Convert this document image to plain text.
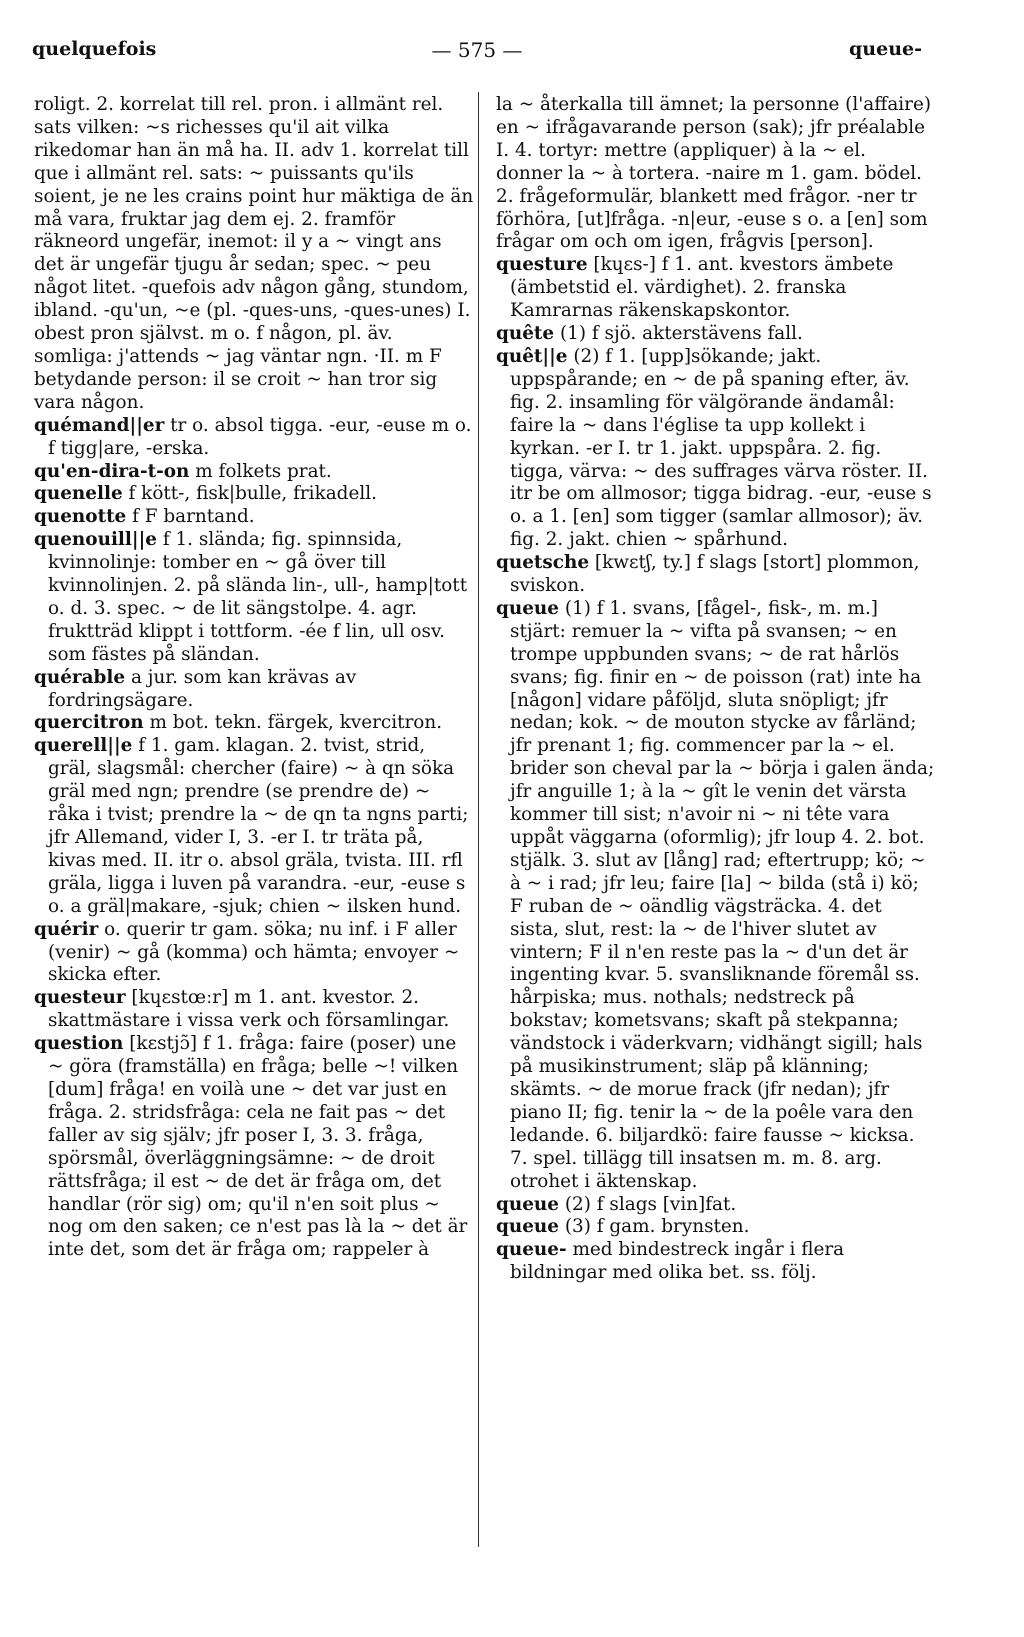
quelquefois	— 575 —	queue-

roligt. 2. korrelat till rel. pron. i allmänt rel. sats vilken: ~s richesses qu'il ait vilka rikedomar han än må ha. II. adv 1. korrelat till que i allmänt rel. sats: ~ puissants qu'ils soient, je ne les crains point hur mäktiga de än må vara, fruktar jag dem ej. 2. framför räkneord ungefär, inemot: il y a ~ vingt ans det är ungefär tjugu år sedan; spec. ~ peu något litet. -quefois adv någon gång, stundom, ibland. -qu'un, ~e (pl. -ques-uns, -ques-unes) I. obest pron självst. m o. f någon, pl. äv. somliga: j'attends ~ jag väntar ngn. ·II. m F betydande person: il se croit ~ han tror sig vara någon.

quémand||er tr o. absol tigga. -eur, -euse m o. f tigg|are, -erska.

qu'en-dira-t-on m folkets prat.

quenelle f kött-, fisk|bulle, frikadell.

quenotte f F barntand.

quenouill||e f 1. slända; fig. spinnsida, kvinnolinje: tomber en ~ gå över till kvinnolinjen. 2. på slända lin-, ull-, hamp|tott o. d. 3. spec. ~ de lit sängstolpe. 4. agr. fruktträd klippt i tottform. -ée f lin, ull osv. som fästes på sländan.

quérable a jur. som kan krävas av fordringsägare.

quercitron m bot. tekn. färgek, kvercitron.

querell||e f 1. gam. klagan. 2. tvist, strid, gräl, slagsmål: chercher (faire) ~ à qn söka gräl med ngn; prendre (se prendre de) ~ råka i tvist; prendre la ~ de qn ta ngns parti; jfr Allemand, vider I, 3. -er I. tr träta på, kivas med. II. itr o. absol gräla, tvista. III. rfl gräla, ligga i luven på varandra. -eur, -euse s o. a gräl|makare, -sjuk; chien ~ ilsken hund.

quérir o. querir tr gam. söka; nu inf. i F aller (venir) ~ gå (komma) och hämta; envoyer ~ skicka efter.

questeur [kɥɛstœːr] m 1. ant. kvestor. 2. skattmästare i vissa verk och församlingar.

question [kɛstjɔ̃] f 1. fråga: faire (poser) une ~ göra (framställa) en fråga; belle ~! vilken [dum] fråga! en voilà une ~ det var just en fråga. 2. stridsfråga: cela ne fait pas ~ det faller av sig själv; jfr poser I, 3. 3. fråga, spörsmål, överläggningsämne: ~ de droit rättsfråga; il est ~ de det är fråga om, det handlar (rör sig) om; qu'il n'en soit plus ~ nog om den saken; ce n'est pas là la ~ det är inte det, som det är fråga om; rappeler à

la ~ återkalla till ämnet; la personne (l'affaire) en ~ ifrågavarande person (sak); jfr préalable I. 4. tortyr: mettre (appliquer) à la ~ el. donner la ~ à tortera. -naire m 1. gam. bödel. 2. frågeformulär, blankett med frågor. -ner tr förhöra, [ut]fråga. -n|eur, -euse s o. a [en] som frågar om och om igen, frågvis [person].

questure [kɥɛs-] f 1. ant. kvestors ämbete (ämbetstid el. värdighet). 2. franska Kamrarnas räkenskapskontor.

quête (1) f sjö. akterstävens fall.

quêt||e (2) f 1. [upp]sökande; jakt. uppspårande; en ~ de på spaning efter, äv. fig. 2. insamling för välgörande ändamål: faire la ~ dans l'église ta upp kollekt i kyrkan. -er I. tr 1. jakt. uppspåra. 2. fig. tigga, värva: ~ des suffrages värva röster. II. itr be om allmosor; tigga bidrag. -eur, -euse s o. a 1. [en] som tigger (samlar allmosor); äv. fig. 2. jakt. chien ~ spårhund.

quetsche [kwɛtʃ, ty.] f slags [stort] plommon, sviskon.

queue (1) f 1. svans, [fågel-, fisk-, m. m.] stjärt: remuer la ~ vifta på svansen; ~ en trompe uppbunden svans; ~ de rat hårlös svans; fig. finir en ~ de poisson (rat) inte ha [någon] vidare påföljd, sluta snöpligt; jfr nedan; kok. ~ de mouton stycke av fårländ; jfr prenant 1; fig. commencer par la ~ el. brider son cheval par la ~ börja i galen ända; jfr anguille 1; à la ~ gît le venin det värsta kommer till sist; n'avoir ni ~ ni tête vara uppåt väggarna (oformlig); jfr loup 4. 2. bot. stjälk. 3. slut av [lång] rad; eftertrupp; kö; ~ à ~ i rad; jfr leu; faire [la] ~ bilda (stå i) kö; F ruban de ~ oändlig vägsträcka. 4. det sista, slut, rest: la ~ de l'hiver slutet av vintern; F il n'en reste pas la ~ d'un det är ingenting kvar. 5. svansliknande föremål ss. hårpiska; mus. nothals; nedstreck på bokstav; kometsvans; skaft på stekpanna; vändstock i väderkvarn; vidhängt sigill; hals på musikinstrument; släp på klänning; skämts. ~ de morue frack (jfr nedan); jfr piano II; fig. tenir la ~ de la poêle vara den ledande. 6. biljardkö: faire fausse ~ kicksa. 7. spel. tillägg till insatsen m. m. 8. arg. otrohet i äktenskap.

queue (2) f slags [vin]fat.

queue (3) f gam. brynsten.

queue- med bindestreck ingår i flera bildningar med olika bet. ss. följ.
